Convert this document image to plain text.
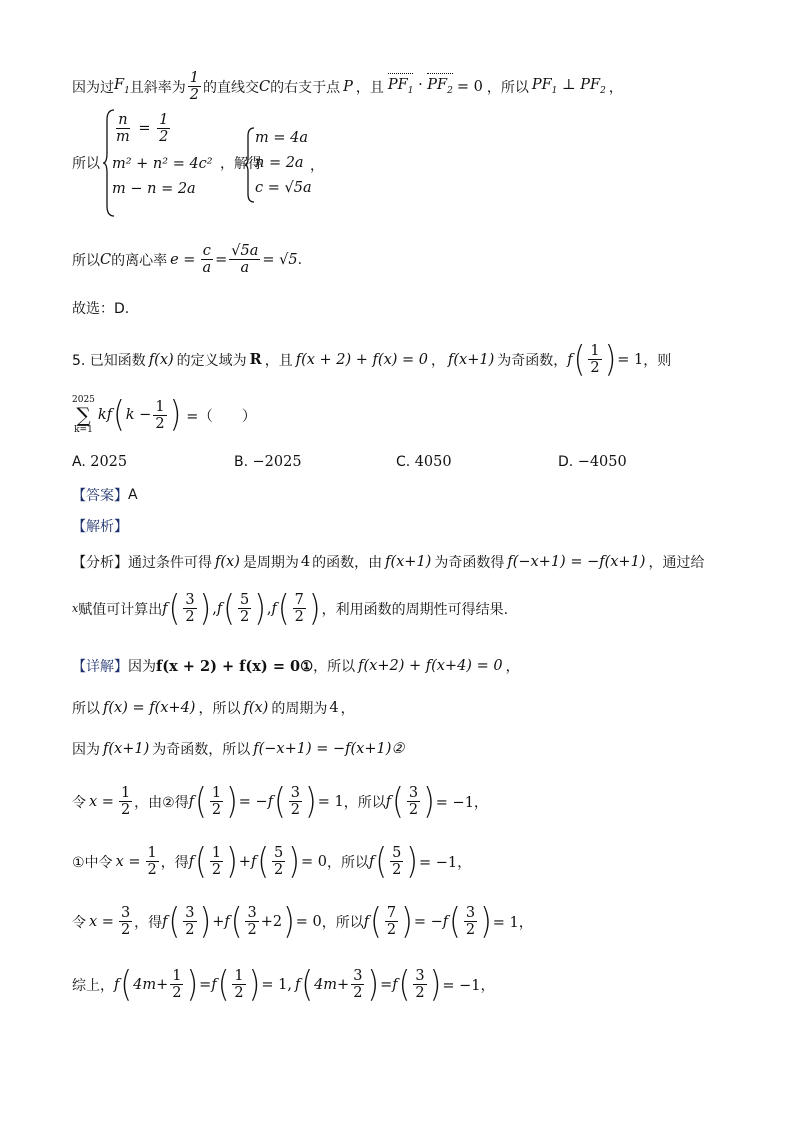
因为过 $F_1$ 且斜率为 $\frac{1}{2}$ 的直线交 C 的右支于点 P ，且 $PF_1 \cdot PF_2 = 0$ ，所以 $PF_1$ ⊥ $PF_2$ ，
所以
$\frac{n}{m} = \frac{1}{2}$
m² + n² = 4c²
m − n = 2a
，解得
m = 4a
n = 2a
c = √5a
，
所以 C 的离心率 $e = \frac{c}{a} = \frac{√5a}{a} = √5$ .
故选：D.
5. 已知函数 f(x) 的定义域为 R ，且 f(x + 2) + f(x) = 0 ， f(x+1) 为奇函数， f ( $\frac{1}{2}$ ) = 1 ，则
2025
∑
k=1
kf ( $k - \frac{1}{2}$ ) =（　　）
A. 2025	B. −2025	C. 4050	D. −4050
【答案】 A
【解析】
【分析】 通过条件可得 f(x) 是周期为 4 的函数，由 f(x+1) 为奇函数得 f(−x+1) = −f(x+1) ，通过给
x 赋值可计算出 f ( $\frac{3}{2}$ ) , f ( $\frac{5}{2}$ ) , f ( $\frac{7}{2}$ ) ，利用函数的周期性可得结果.
【详解】 因为 f(x + 2) + f(x) = 0① ，所以 f(x+2) + f(x+4) = 0 ，
所以 f(x) = f(x+4) ，所以 f(x) 的周期为 4 ，
因为 f(x+1) 为奇函数，所以 f(−x+1) = −f(x+1)②
令 $x = \frac{1}{2}$ ，由②得 f ( $\frac{1}{2}$ ) = − f ( $\frac{3}{2}$ ) = 1 ，所以 f ( $\frac{3}{2}$ ) = −1，
①中令 $x = \frac{1}{2}$ ，得 f ( $\frac{1}{2}$ ) + f ( $\frac{5}{2}$ ) = 0 ，所以 f ( $\frac{5}{2}$ ) = −1，
令 $x = \frac{3}{2}$ ，得 f ( $\frac{3}{2}$ ) + f ( $\frac{3}{2} +2$ ) = 0 ，所以 f ( $\frac{7}{2}$ ) = − f ( $\frac{3}{2}$ ) = 1，
综上， f ( $4m+ \frac{1}{2}$ ) = f ( $\frac{1}{2}$ ) = 1, f ( $4m+ \frac{3}{2}$ ) = f ( $\frac{3}{2}$ ) = −1，
